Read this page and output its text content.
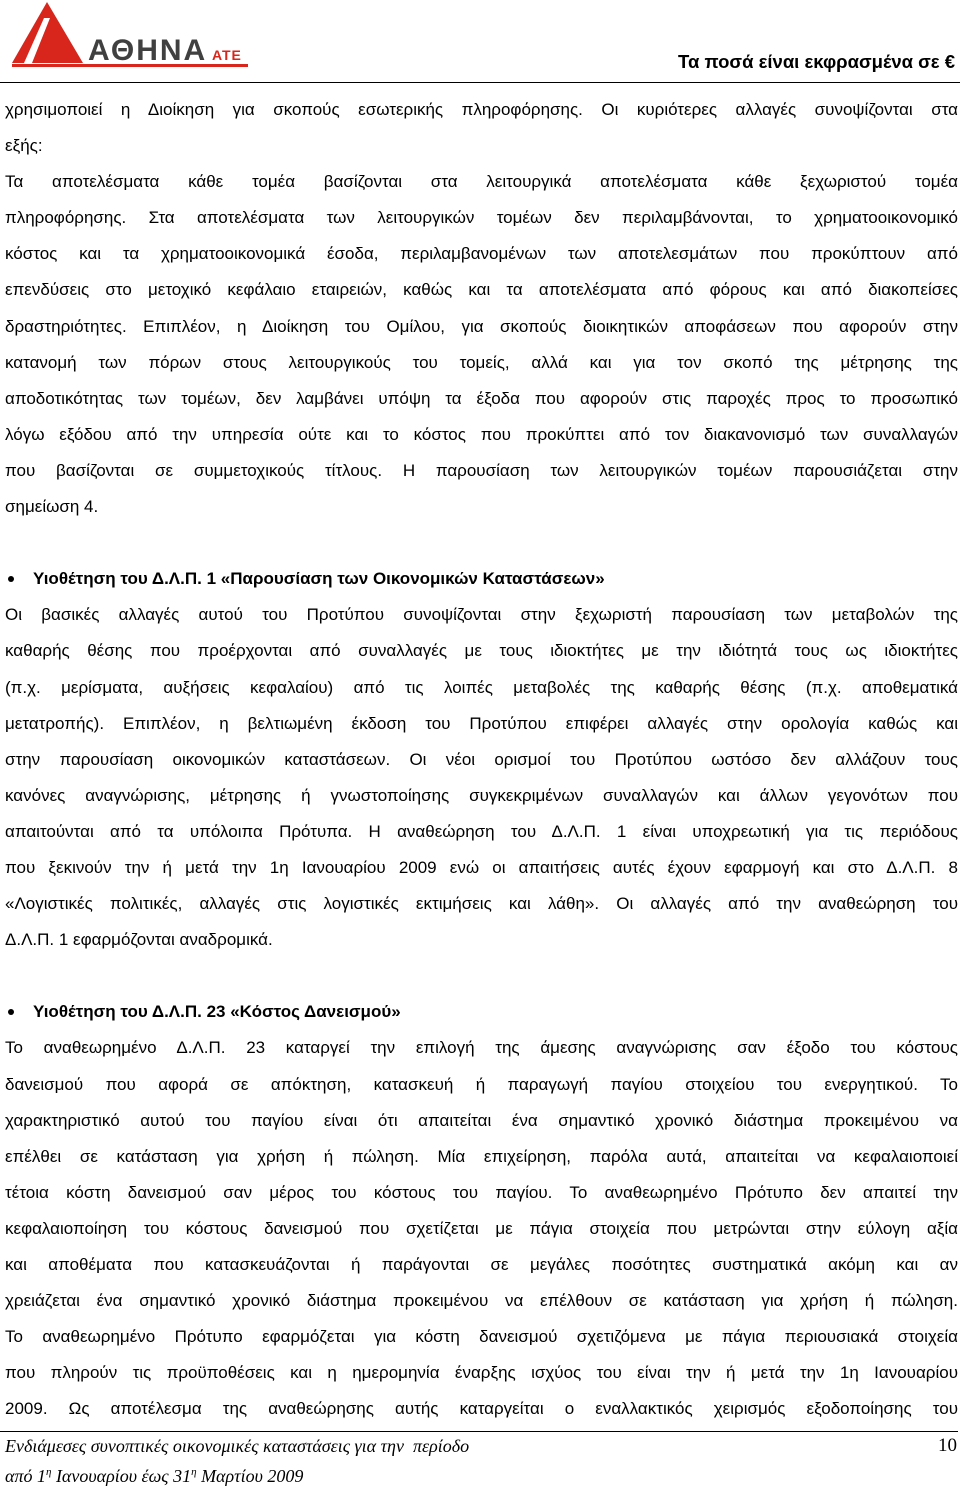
ΑΘΗΝΑ ΑΤΕ	Τα ποσά είναι εκφρασμένα σε €
χρησιμοποιεί η Διοίκηση για σκοπούς εσωτερικής πληροφόρησης. Οι κυριότερες αλλαγές συνοψίζονται στα
εξής:
Τα αποτελέσματα κάθε τομέα βασίζονται στα λειτουργικά αποτελέσματα κάθε ξεχωριστού τομέα
πληροφόρησης. Στα αποτελέσματα των λειτουργικών τομέων δεν περιλαμβάνονται, το χρηματοοικονομικό
κόστος και τα χρηματοοικονομικά έσοδα, περιλαμβανομένων των αποτελεσμάτων που προκύπτουν από
επενδύσεις στο μετοχικό κεφάλαιο εταιρειών, καθώς και τα αποτελέσματα από φόρους και από διακοπείσες
δραστηριότητες. Επιπλέον, η Διοίκηση του Ομίλου, για σκοπούς διοικητικών αποφάσεων που αφορούν στην
κατανομή των πόρων στους λειτουργικούς του τομείς, αλλά και για τον σκοπό της μέτρησης της
αποδοτικότητας των τομέων, δεν λαμβάνει υπόψη τα έξοδα που αφορούν στις παροχές προς το προσωπικό
λόγω εξόδου από την υπηρεσία ούτε και το κόστος που προκύπτει από τον διακανονισμό των συναλλαγών
που βασίζονται σε συμμετοχικούς τίτλους. Η παρουσίαση των λειτουργικών τομέων παρουσιάζεται στην
σημείωση 4.
Υιοθέτηση του Δ.Λ.Π. 1 «Παρουσίαση των Οικονομικών Καταστάσεων»
Οι βασικές αλλαγές αυτού του Προτύπου συνοψίζονται στην ξεχωριστή παρουσίαση των μεταβολών της
καθαρής θέσης που προέρχονται από συναλλαγές με τους ιδιοκτήτες με την ιδιότητά τους ως ιδιοκτήτες
(π.χ. μερίσματα, αυξήσεις κεφαλαίου) από τις λοιπές μεταβολές της καθαρής θέσης (π.χ. αποθεματικά
μετατροπής). Επιπλέον, η βελτιωμένη έκδοση του Προτύπου επιφέρει αλλαγές στην ορολογία καθώς και
στην παρουσίαση οικονομικών καταστάσεων. Οι νέοι ορισμοί του Προτύπου ωστόσο δεν αλλάζουν τους
κανόνες αναγνώρισης, μέτρησης ή γνωστοποίησης συγκεκριμένων συναλλαγών και άλλων γεγονότων που
απαιτούνται από τα υπόλοιπα Πρότυπα. Η αναθεώρηση του Δ.Λ.Π. 1 είναι υποχρεωτική για τις περιόδους
που ξεκινούν την ή μετά την 1η Ιανουαρίου 2009 ενώ οι απαιτήσεις αυτές έχουν εφαρμογή και στο Δ.Λ.Π. 8
«Λογιστικές πολιτικές, αλλαγές στις λογιστικές εκτιμήσεις και λάθη». Οι αλλαγές από την αναθεώρηση του
Δ.Λ.Π. 1 εφαρμόζονται αναδρομικά.
Υιοθέτηση του Δ.Λ.Π. 23 «Κόστος Δανεισμού»
Το αναθεωρημένο Δ.Λ.Π. 23 καταργεί την επιλογή της άμεσης αναγνώρισης σαν έξοδο του κόστους
δανεισμού που αφορά σε απόκτηση, κατασκευή ή παραγωγή παγίου στοιχείου του ενεργητικού. Το
χαρακτηριστικό αυτού του παγίου είναι ότι απαιτείται ένα σημαντικό χρονικό διάστημα προκειμένου να
επέλθει σε κατάσταση για χρήση ή πώληση. Μία επιχείρηση, παρόλα αυτά, απαιτείται να κεφαλαιοποιεί
τέτοια κόστη δανεισμού σαν μέρος του κόστους του παγίου. Το αναθεωρημένο Πρότυπο δεν απαιτεί την
κεφαλαιοποίηση του κόστους δανεισμού που σχετίζεται με πάγια στοιχεία που μετρώνται στην εύλογη αξία
και αποθέματα που κατασκευάζονται ή παράγονται σε μεγάλες ποσότητες συστηματικά ακόμη και αν
χρειάζεται ένα σημαντικό χρονικό διάστημα προκειμένου να επέλθουν σε κατάσταση για χρήση ή πώληση.
Το αναθεωρημένο Πρότυπο εφαρμόζεται για κόστη δανεισμού σχετιζόμενα με πάγια περιουσιακά στοιχεία
που πληρούν τις προϋποθέσεις και η ημερομηνία έναρξης ισχύος του είναι την ή μετά την 1η Ιανουαρίου
2009. Ως αποτέλεσμα της αναθεώρησης αυτής καταργείται ο εναλλακτικός χειρισμός εξοδοποίησης του
Ενδιάμεσες συνοπτικές οικονομικές καταστάσεις για την  περίοδο	10
από $1^\eta$ Ιανουαρίου έως $31^\eta$ Μαρτίου 2009
